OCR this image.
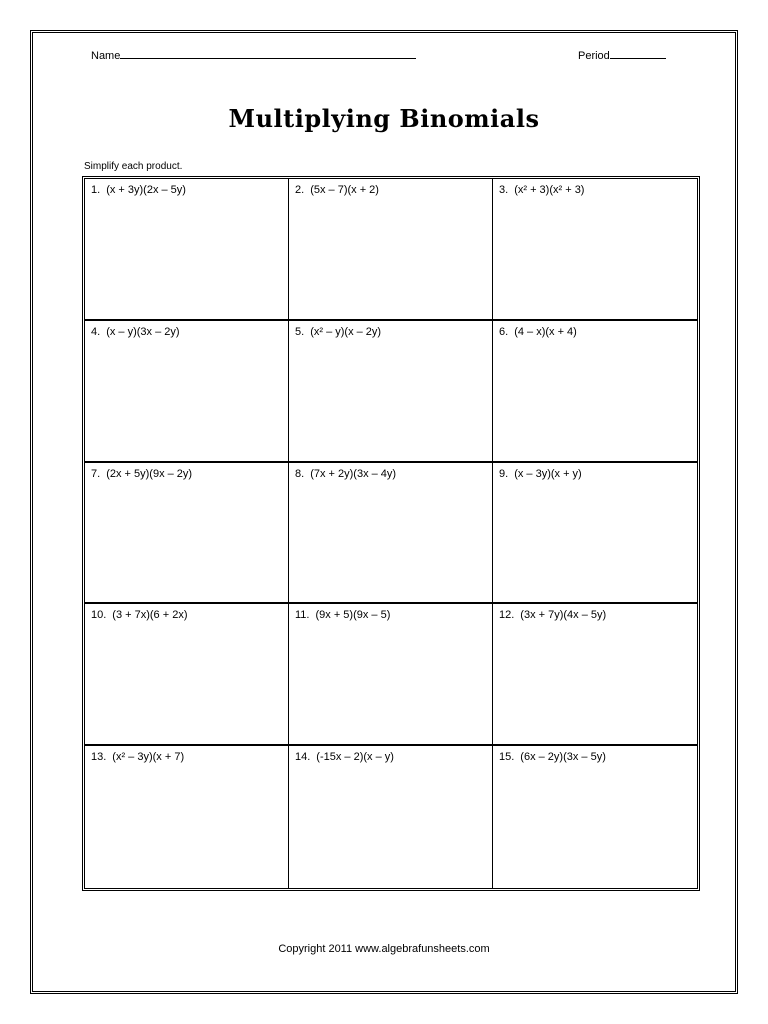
Name	Period
Multiplying Binomials
Simplify each product.
1. (x + 3y)(2x – 5y)	2. (5x – 7)(x + 2)	3. (x² + 3)(x² + 3)
4. (x – y)(3x – 2y)	5. (x² – y)(x – 2y)	6. (4 – x)(x + 4)
7. (2x + 5y)(9x – 2y)	8. (7x + 2y)(3x – 4y)	9. (x – 3y)(x + y)
10. (3 + 7x)(6 + 2x)	11. (9x + 5)(9x – 5)	12. (3x + 7y)(4x – 5y)
13. (x² – 3y)(x + 7)	14. (-15x – 2)(x – y)	15. (6x – 2y)(3x – 5y)
Copyright 2011 www.algebrafunsheets.com
